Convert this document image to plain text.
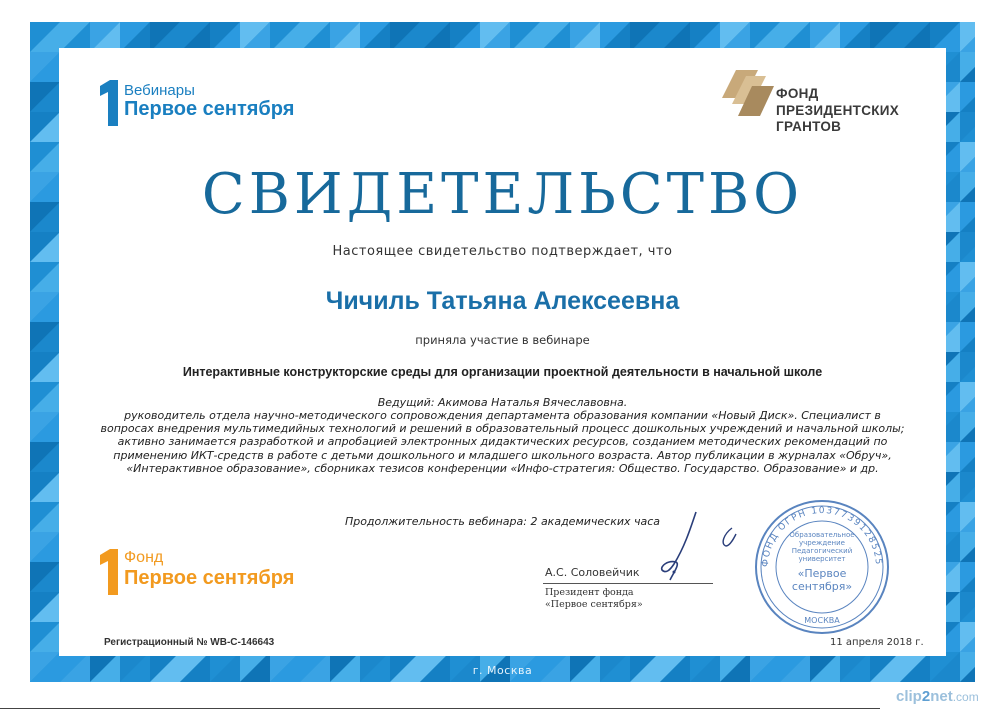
Вебинары
Первое сентября
ФОНД
ПРЕЗИДЕНТСКИХ
ГРАНТОВ
СВИДЕТЕЛЬСТВО
Настоящее свидетельство подтверждает, что
Чичиль Татьяна Алексеевна
приняла участие в вебинаре
Интерактивные конструкторские среды для организации проектной деятельности в начальной школе
Ведущий: Акимова Наталья Вячеславовна.
руководитель отдела научно-методического сопровождения департамента образования компании «Новый Диск». Специалист в вопросах внедрения мультимедийных технологий и решений в образовательный процесс дошкольных учреждений и начальной школы; активно занимается разработкой и апробацией электронных дидактических ресурсов, созданием методических рекомендаций по применению ИКТ-средств в работе с детьми дошкольного и младшего школьного возраста. Автор публикации в журналах «Обруч», «Интерактивное образование», сборниках тезисов конференции «Инфо-стратегия: Общество. Государство. Образование» и др.
Продолжительность вебинара: 2 академических часа
Фонд
Первое сентября	А.С. Соловейчик
Президент фонда
«Первое сентября»
ФОНД ОГРН 1037739128525
Образовательное
учреждение
Педагогический
университет
«Первое
сентября»
МОСКВА
Регистрационный № WB-C-146643	11 апреля 2018 г.
г. Москва
clip2net.com
